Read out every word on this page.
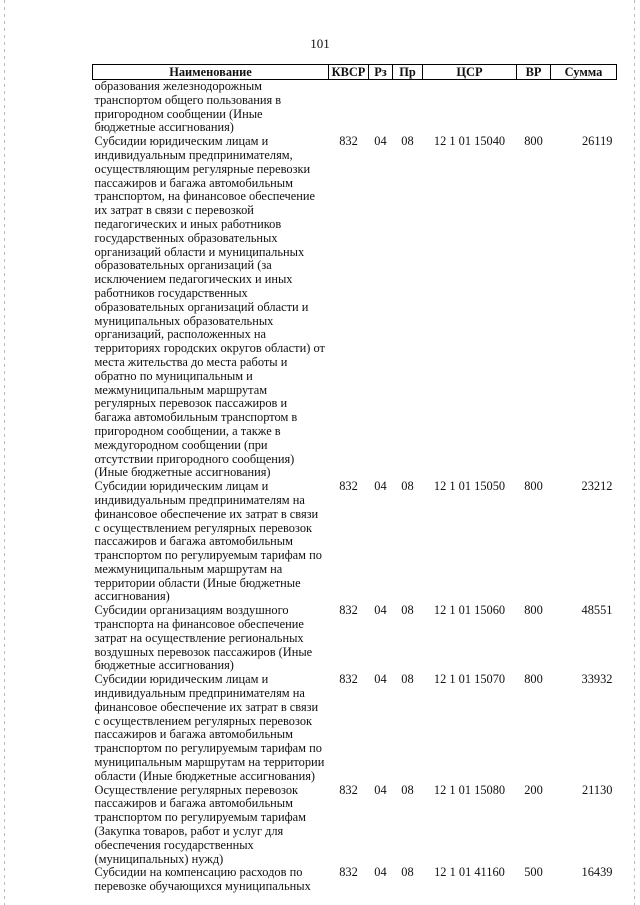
101
Наименование	КВСР	Рз	Пр	ЦСР	ВР	Сумма
образования железнодорожным транспортом общего пользования в пригородном сообщении (Иные бюджетные ассигнования)						
Субсидии юридическим лицам и индивидуальным предпринимателям, осуществляющим регулярные перевозки пассажиров и багажа автомобильным транспортом, на финансовое обеспечение их затрат в связи с перевозкой педагогических и иных работников государственных образовательных организаций области и муниципальных образовательных организаций (за исключением педагогических и иных работников государственных образовательных организаций области и муниципальных образовательных организаций, расположенных на территориях городских округов области) от места жительства до места работы и обратно по муниципальным и межмуниципальным маршрутам регулярных перевозок пассажиров и багажа автомобильным транспортом в пригородном сообщении, а также в междугородном сообщении (при отсутствии пригородного сообщения) (Иные бюджетные ассигнования)	832	04	08	12 1 01 15040	800	26119
Субсидии юридическим лицам и индивидуальным предпринимателям на финансовое обеспечение их затрат в связи с осуществлением регулярных перевозок пассажиров и багажа автомобильным транспортом по регулируемым тарифам по межмуниципальным маршрутам на территории области (Иные бюджетные ассигнования)	832	04	08	12 1 01 15050	800	23212
Субсидии организациям воздушного транспорта на финансовое обеспечение затрат на осуществление региональных воздушных перевозок пассажиров (Иные бюджетные ассигнования)	832	04	08	12 1 01 15060	800	48551
Субсидии юридическим лицам и индивидуальным предпринимателям на финансовое обеспечение их затрат в связи с осуществлением регулярных перевозок пассажиров и багажа автомобильным транспортом по регулируемым тарифам по муниципальным маршрутам на территории области (Иные бюджетные ассигнования)	832	04	08	12 1 01 15070	800	33932
Осуществление регулярных перевозок пассажиров и багажа автомобильным транспортом по регулируемым тарифам (Закупка товаров, работ и услуг для обеспечения государственных (муниципальных) нужд)	832	04	08	12 1 01 15080	200	21130
Субсидии на компенсацию расходов по перевозке обучающихся муниципальных	832	04	08	12 1 01 41160	500	16439
